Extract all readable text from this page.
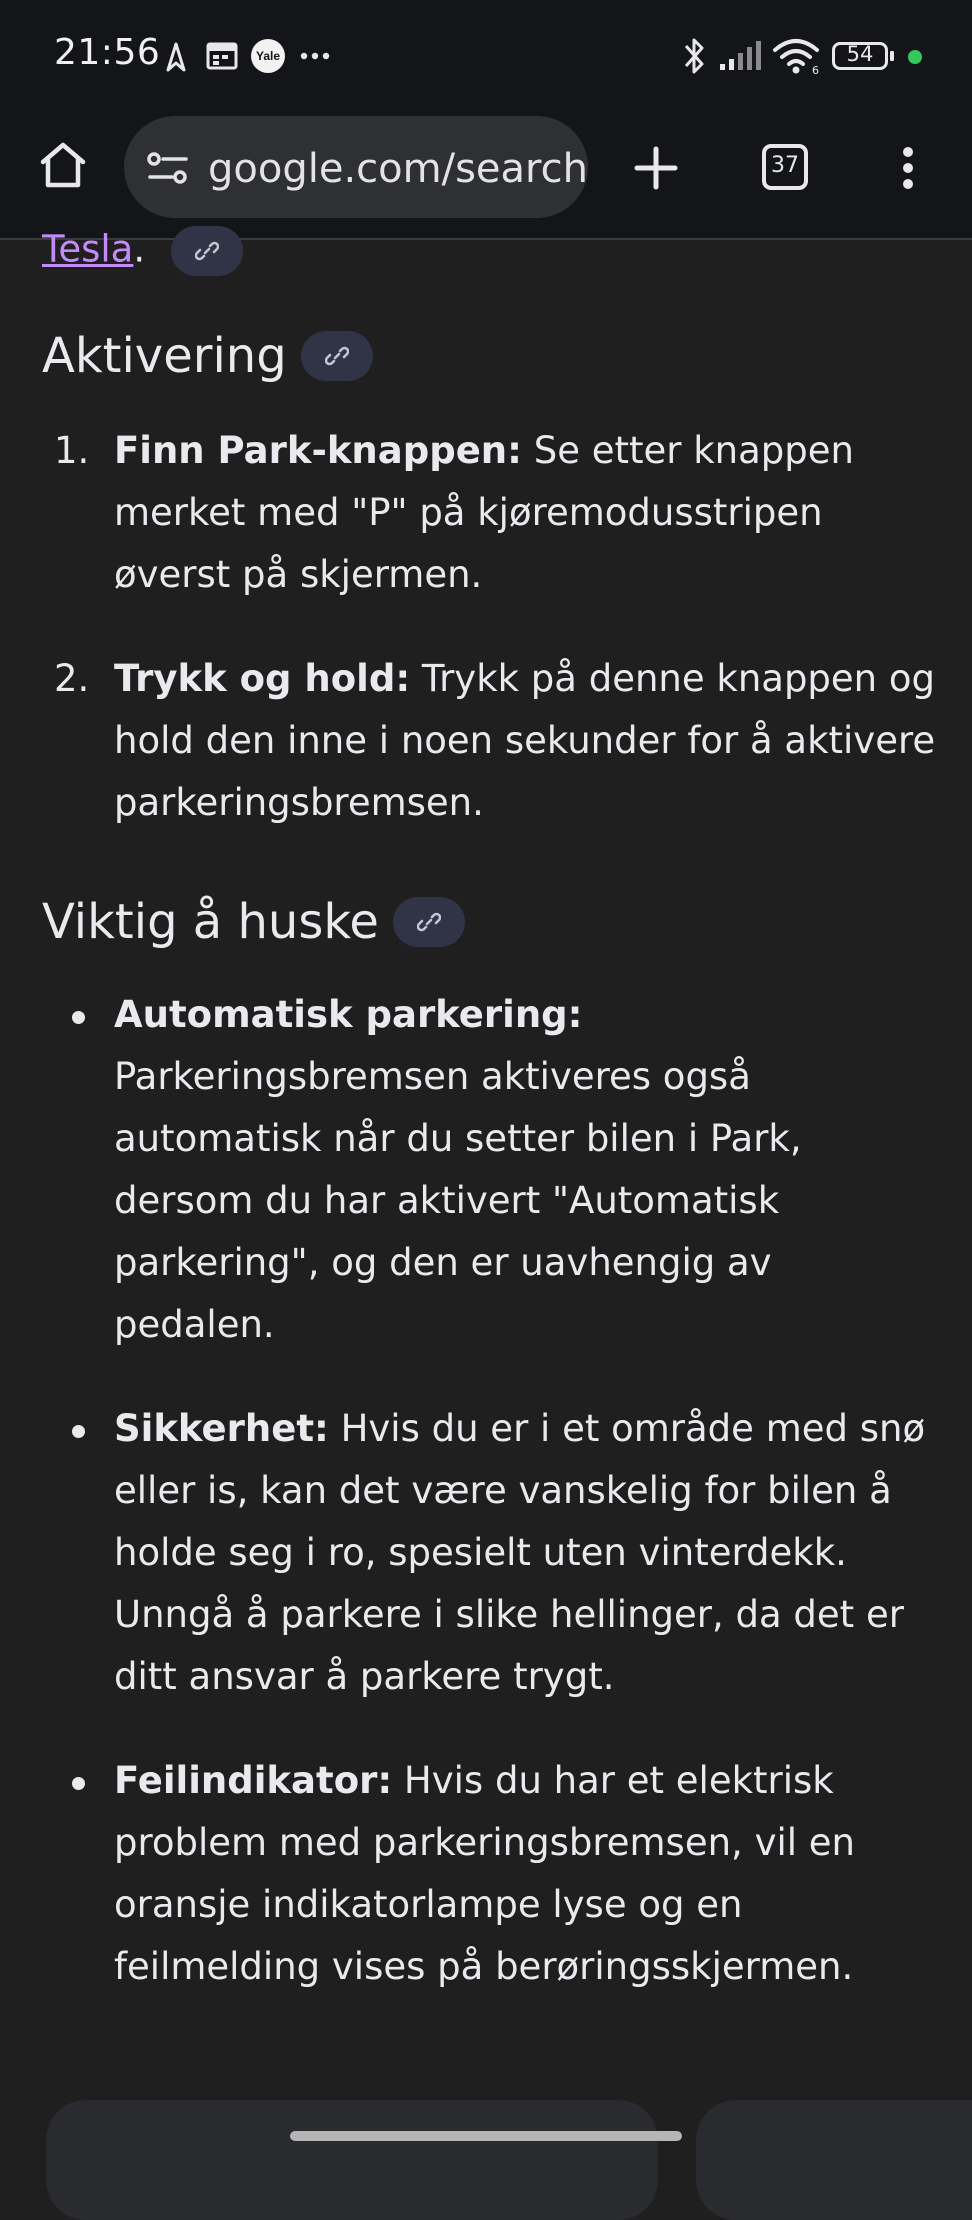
21:56	Yale
6
54
google.com/search	37
Tesla.
Aktivering
1. Finn Park-knappen: Se etter knappen merket med "P" på kjøremodusstripen øverst på skjermen.
2. Trykk og hold: Trykk på denne knappen og hold den inne i noen sekunder for å aktivere parkeringsbremsen.
Viktig å huske
Automatisk parkering: Parkeringsbremsen aktiveres også automatisk når du setter bilen i Park, dersom du har aktivert "Automatisk parkering", og den er uavhengig av pedalen.
Sikkerhet: Hvis du er i et område med snø eller is, kan det være vanskelig for bilen å holde seg i ro, spesielt uten vinterdekk. Unngå å parkere i slike hellinger, da det er ditt ansvar å parkere trygt.
Feilindikator: Hvis du har et elektrisk problem med parkeringsbremsen, vil en oransje indikatorlampe lyse og en feilmelding vises på berøringsskjermen.
